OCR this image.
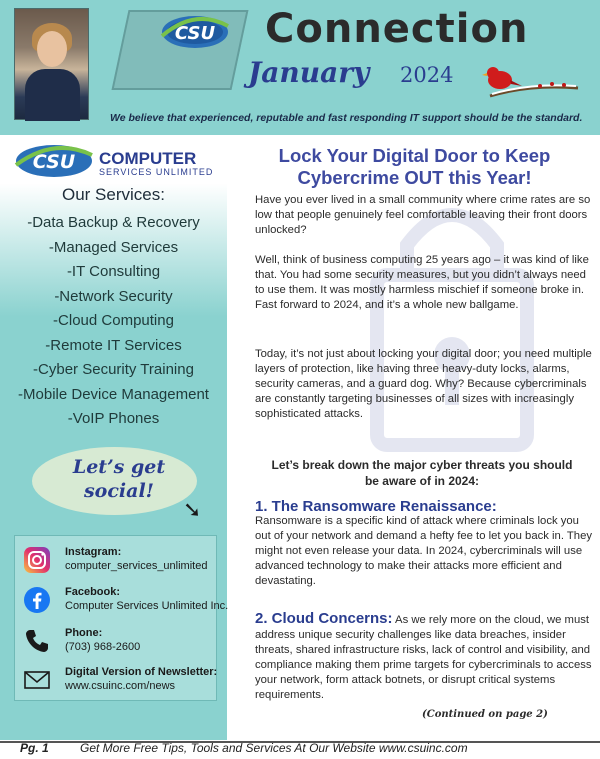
CSU Connection
January 2024
We believe that experienced, reputable and fast responding IT support should be the standard.
CSU COMPUTER
SERVICES UNLIMITED
Our Services:
-Data Backup & Recovery
-Managed Services
-IT Consulting
-Network Security
-Cloud Computing
-Remote IT Services
-Cyber Security Training
-Mobile Device Management
-VoIP Phones
Let’s get
social!
➘
Instagram:
computer_services_unlimited
Facebook:
Computer Services Unlimited Inc.
Phone:
(703) 968-2600
Digital Version of Newsletter:
www.csuinc.com/news
Lock Your Digital Door to Keep
Cybercrime OUT this Year!
Have you ever lived in a small community where crime rates are so low that people genuinely feel comfortable leaving their front doors unlocked?
Well, think of business computing 25 years ago – it was kind of like that. You had some security measures, but you didn’t always need to use them. It was mostly harmless mischief if someone broke in. Fast forward to 2024, and it’s a whole new ballgame.
Today, it’s not just about locking your digital door; you need multiple layers of protection, like having three heavy-duty locks, alarms, security cameras, and a guard dog. Why? Because cybercriminals are constantly targeting businesses of all sizes with increasingly sophisticated attacks.
Let’s break down the major cyber threats you should be aware of in 2024:
1. The Ransomware Renaissance:
Ransomware is a specific kind of attack where criminals lock you out of your network and demand a hefty fee to let you back in. They might not even release your data. In 2024, cybercriminals will use advanced technology to make their attacks more efficient and devastating.
2. Cloud Concerns: As we rely more on the cloud, we must address unique security challenges like data breaches, insider threats, shared infrastructure risks, lack of control and visibility, and compliance making them prime targets for cybercriminals to access your network, form attack botnets, or disrupt critical systems requirements.
(Continued on page 2)
Pg. 1	Get More Free Tips, Tools and Services At Our Website www.csuinc.com
